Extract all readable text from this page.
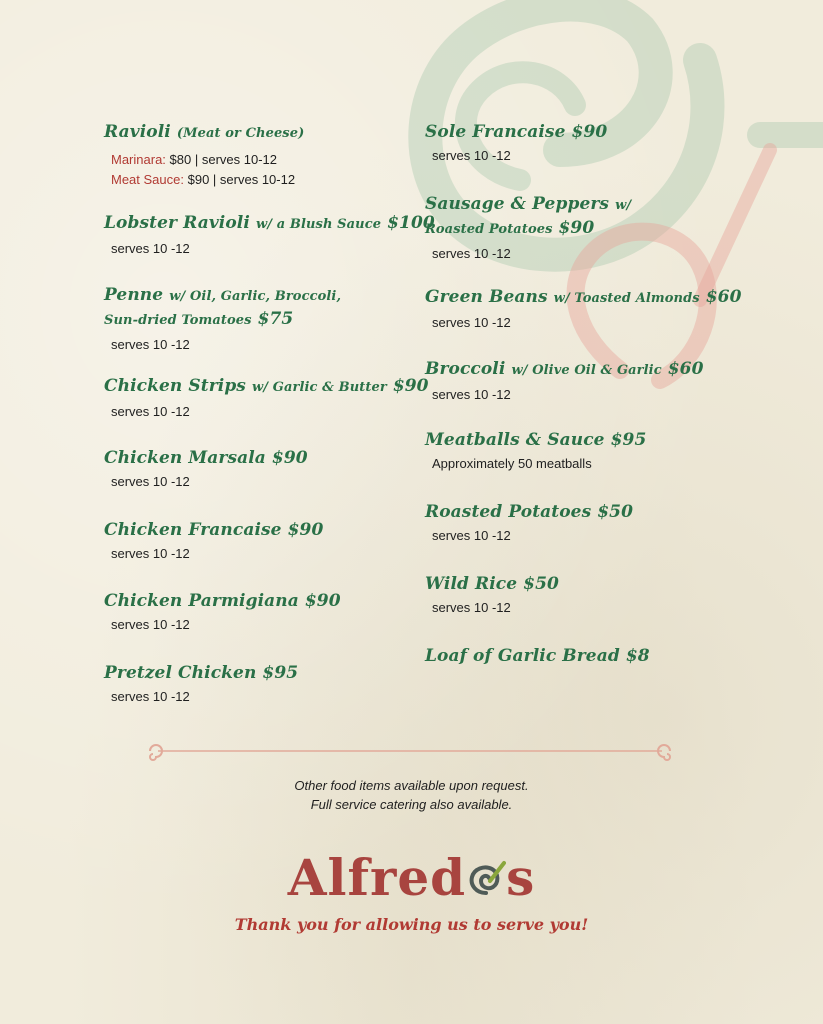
Ravioli (Meat or Cheese)
Marinara: $80 | serves 10-12
Meat Sauce: $90 | serves 10-12
Lobster Ravioli w/ a Blush Sauce $100
serves 10 -12
Penne w/ Oil, Garlic, Broccoli,
Sun-dried Tomatoes $75
serves 10 -12
Chicken Strips w/ Garlic & Butter $90
serves 10 -12
Chicken Marsala $90
serves 10 -12
Chicken Francaise $90
serves 10 -12
Chicken Parmigiana $90
serves 10 -12
Pretzel Chicken $95
serves 10 -12
Sole Francaise $90
serves 10 -12
Sausage & Peppers w/
Roasted Potatoes $90
serves 10 -12
Green Beans w/ Toasted Almonds $60
serves 10 -12
Broccoli w/ Olive Oil & Garlic $60
serves 10 -12
Meatballs & Sauce $95
Approximately 50 meatballs
Roasted Potatoes $50
serves 10 -12
Wild Rice $50
serves 10 -12
Loaf of Garlic Bread $8
Other food items available upon request.
Full service catering also available.
Alfred s
Thank you for allowing us to serve you!
